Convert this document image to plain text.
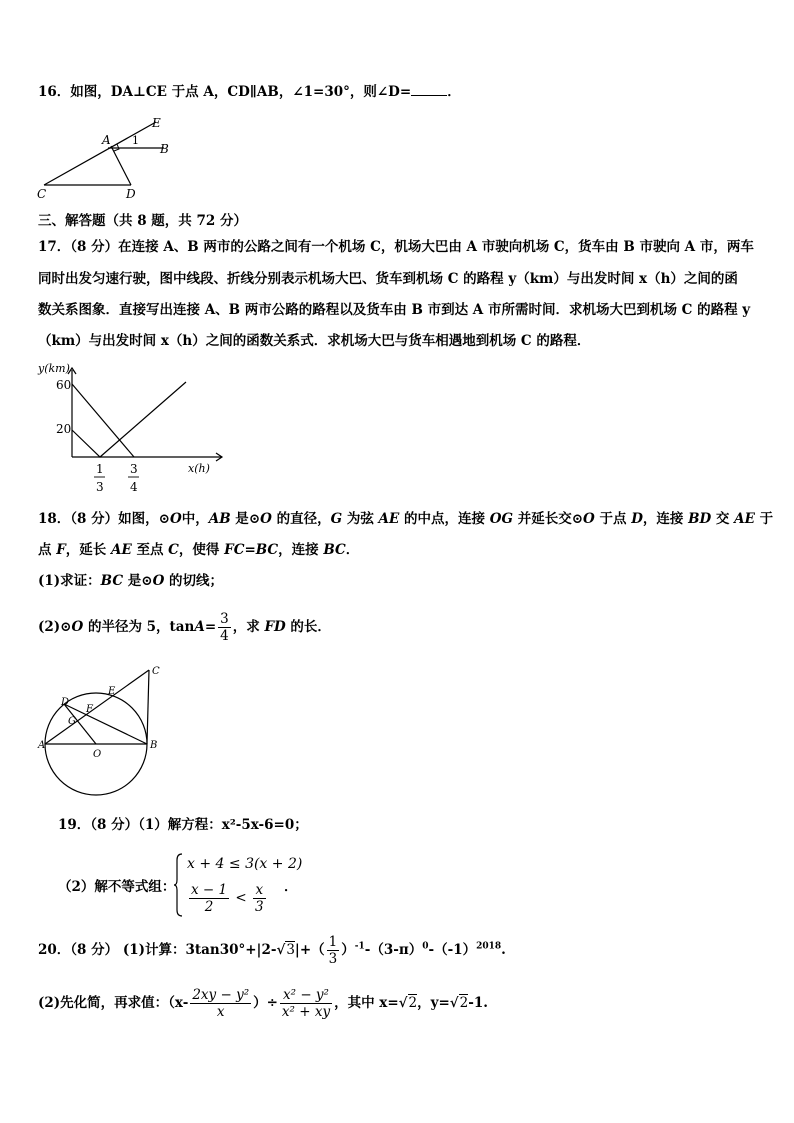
16．如图，DA⊥CE 于点 A，CD∥AB，∠1=30°，则∠D=	．
E
A 1
B
C	D
三、解答题（共 8 题，共 72 分）
17．（8 分）在连接 A、B 两市的公路之间有一个机场 C，机场大巴由 A 市驶向机场 C，货车由 B 市驶向 A 市，两车
同时出发匀速行驶，图中线段、折线分别表示机场大巴、货车到机场 C 的路程 y（km）与出发时间 x（h）之间的函
数关系图象．直接写出连接 A、B 两市公路的路程以及货车由 B 市到达 A 市所需时间．求机场大巴到机场 C 的路程 y
（km）与出发时间 x（h）之间的函数关系式．求机场大巴与货车相遇地到机场 C 的路程．
y(km)
x(h)
60
20
1
3
3
4
18．（8 分）如图，⊙O中，AB 是⊙O 的直径，G 为弦 AE 的中点，连接 OG 并延长交⊙O 于点 D，连接 BD 交 AE 于
点 F，延长 AE 至点 C，使得 FC=BC，连接 BC．
(1)求证：BC 是⊙O 的切线；
(2)⊙O 的半径为 5，$\tan A= \frac{3}{4}$ ，求 FD 的长．
C
E
D
F
G
A
O
B
19．（8 分）（1）解方程：x²-5x-6=0；
（2）解不等式组：
x + 4 ≤ 3(x + 2)
$\frac{x - 1}{2} < \frac{x}{3}$ ．
20．（8 分） (1)计算：$3\tan 30^\circ+|2-√3|+( \frac{1}{3} )^{-1}-(3-\pi)^0-(-1)^{2018}$.
(2)先化简，再求值：（$x- \frac{\text{2xy − y²}}{x}$ ）÷ $\frac{\text{x² − y²}}{\text{x² + xy}}$ ，其中 x=√2，y=√2-1.
